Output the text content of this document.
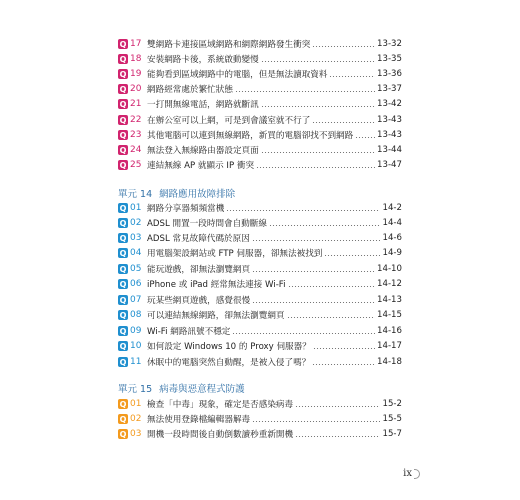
Q 17 雙網路卡連接區域網路和網際網路發生衝突	13-32
Q 18 安裝網路卡後，系統啟動變慢	13-35
Q 19 能夠看到區域網路中的電腦，但是無法讀取資料	13-36
Q 20 網路經常處於繁忙狀態	13-37
Q 21 一打開無線電話，網路就斷訊	13-42
Q 22 在辦公室可以上網，可是到會議室就不行了	13-43
Q 23 其他電腦可以連到無線網路，新買的電腦卻找不到網路	13-43
Q 24 無法登入無線路由器設定頁面	13-44
Q 25 連結無線 AP 就顯示 IP 衝突	13-47
單元 14 網路應用故障排除
Q 01 網路分享器頻頻當機	14-2
Q 02 ADSL 閒置一段時間會自動斷線	14-4
Q 03 ADSL 常見故障代碼於原因	14-6
Q 04 用電腦架設網站或 FTP 伺服器，卻無法被找到	14-9
Q 05 能玩遊戲，卻無法瀏覽網頁	14-10
Q 06 iPhone 或 iPad 經常無法連接 Wi-Fi	14-12
Q 07 玩某些網頁遊戲，感覺很慢	14-13
Q 08 可以連結無線網路，卻無法瀏覽網頁	14-15
Q 09 Wi-Fi 網路訊號不穩定	14-16
Q 10 如何設定 Windows 10 的 Proxy 伺服器？	14-17
Q 11 休眠中的電腦突然自動醒，是被入侵了嗎？	14-18
單元 15 病毒與惡意程式防護
Q 01 檢查「中毒」現象，確定是否感染病毒	15-2
Q 02 無法使用登錄檔編輯器解毒	15-5
Q 03 開機一段時間後自動倒數讀秒重新開機	15-7
ix
